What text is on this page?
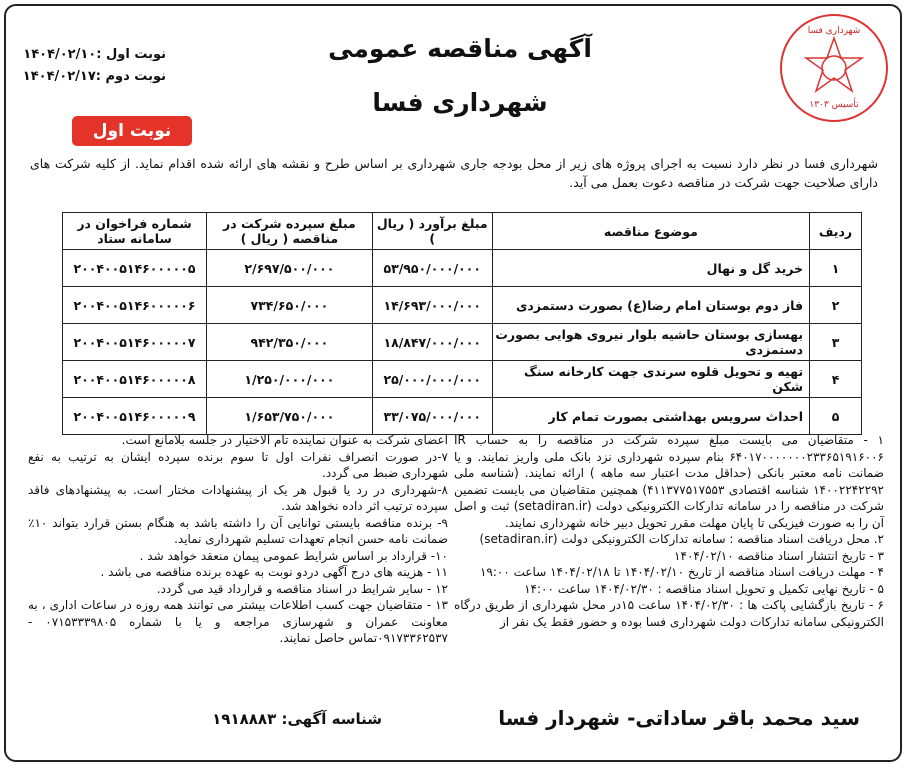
شهرداری فسا
تأسیس ۱۳۰۳
آگهی مناقصه عمومی
شهرداری فسا
نوبت اول :۱۴۰۴/۰۲/۱۰
نوبت دوم :۱۴۰۴/۰۲/۱۷
نوبت اول
شهرداری فسا در نظر دارد نسبت به اجرای پروژه های زیر از محل بودجه جاری شهرداری بر اساس طرح و نقشه های ارائه شده اقدام نماید. از کلیه شرکت های دارای صلاحیت جهت شرکت در مناقصه دعوت بعمل می آید.
ردیف	موضوع مناقصه	مبلغ برآورد ( ریال )	مبلغ سپرده شرکت در مناقصه ( ریال )	شماره فراخوان در سامانه ستاد
۱	خرید گل و نهال	۵۳/۹۵۰/۰۰۰/۰۰۰	۲/۶۹۷/۵۰۰/۰۰۰	۲۰۰۴۰۰۵۱۴۶۰۰۰۰۰۵
۲	فاز دوم بوستان امام رضا(ع) بصورت دستمزدی	۱۴/۶۹۳/۰۰۰/۰۰۰	۷۳۴/۶۵۰/۰۰۰	۲۰۰۴۰۰۵۱۴۶۰۰۰۰۰۶
۳	بهسازی بوستان حاشیه بلوار نیروی هوایی بصورت دستمزدی	۱۸/۸۴۷/۰۰۰/۰۰۰	۹۴۲/۳۵۰/۰۰۰	۲۰۰۴۰۰۵۱۴۶۰۰۰۰۰۷
۴	تهیه و تحویل قلوه سرندی جهت کارخانه سنگ شکن	۲۵/۰۰۰/۰۰۰/۰۰۰	۱/۲۵۰/۰۰۰/۰۰۰	۲۰۰۴۰۰۵۱۴۶۰۰۰۰۰۸
۵	احداث سرویس بهداشتی بصورت تمام کار	۳۳/۰۷۵/۰۰۰/۰۰۰	۱/۶۵۳/۷۵۰/۰۰۰	۲۰۰۴۰۰۵۱۴۶۰۰۰۰۰۹

۱ - متقاضیان می بایست مبلغ سپرده شرکت در مناقصه را به حساب IR ۶۴۰۱۷۰۰۰۰۰۰۰۲۳۳۶۵۱۹۱۶۰۰۶ بنام سپرده شهرداری نزد بانک ملی واریز نمایند. و یا ضمانت نامه معتبر بانکی (حداقل مدت اعتبار سه ماهه ) ارائه نمایند. (شناسه ملی ۱۴۰۰۲۲۴۲۲۹۲ شناسه اقتصادی ۴۱۱۳۷۷۵۱۷۵۵۳) همچنین متقاضیان می بایست تضمین شرکت در مناقصه را در سامانه تدارکات الکترونیکی دولت (setadiran.ir) ثبت و اصل آن را به صورت فیزیکی تا پایان مهلت مقرر تحویل دبیر خانه شهرداری نمایند.

۲. محل دریافت اسناد مناقصه : سامانه تدارکات الکترونیکی دولت (setadiran.ir)

۳ - تاریخ انتشار اسناد مناقصه ۱۴۰۴/۰۲/۱۰

۴ - مهلت دریافت اسناد مناقصه از تاریخ ۱۴۰۴/۰۲/۱۰ تا ۱۴۰۴/۰۲/۱۸ ساعت ۱۹:۰۰

۵ - تاریخ نهایی تکمیل و تحویل اسناد مناقصه : ۱۴۰۴/۰۲/۳۰ ساعت ۱۴:۰۰

۶ - تاریخ بازگشایی پاکت ها : ۱۴۰۴/۰۲/۳۰ ساعت ۱۵در محل شهرداری از طریق درگاه الکترونیکی سامانه تدارکات دولت شهرداری فسا بوده و حضور فقط یک نفر از

اعضای شرکت به عنوان نماینده تام الاختیار در جلسه بلامانع است.

۷-در صورت انصراف نفرات اول تا سوم برنده سپرده ایشان به ترتیب به نفع شهرداری ضبط می گردد.

۸-شهرداری در رد یا قبول هر یک از پیشنهادات مختار است. به پیشنهادهای فاقد سپرده ترتیب اثر داده نخواهد شد.

۹- برنده مناقصه بایستی توانایی آن را داشته باشد به هنگام بستن قرارد بتواند ۱۰٪ ضمانت نامه حسن انجام تعهدات تسلیم شهرداری نماید.

۱۰- قرارداد بر اساس شرایط عمومی پیمان منعقد خواهد شد .

۱۱ - هزینه های درج آگهی دردو نوبت به عهده برنده مناقصه می باشد .

۱۲ - سایر شرایط در اسناد مناقصه و قرارداد قید می گردد.

۱۳ - متقاضیان جهت کسب اطلاعات بیشتر می توانند همه روزه در ساعات اداری ، به معاونت عمران و شهرسازی مراجعه و یا با شماره ۰۷۱۵۳۳۳۹۸۰۵ - ۰۹۱۷۳۳۶۲۵۳۷تماس حاصل نمایند.

سید محمد باقر ساداتی- شهردار فسا
شناسه آگهی: ۱۹۱۸۸۸۳
